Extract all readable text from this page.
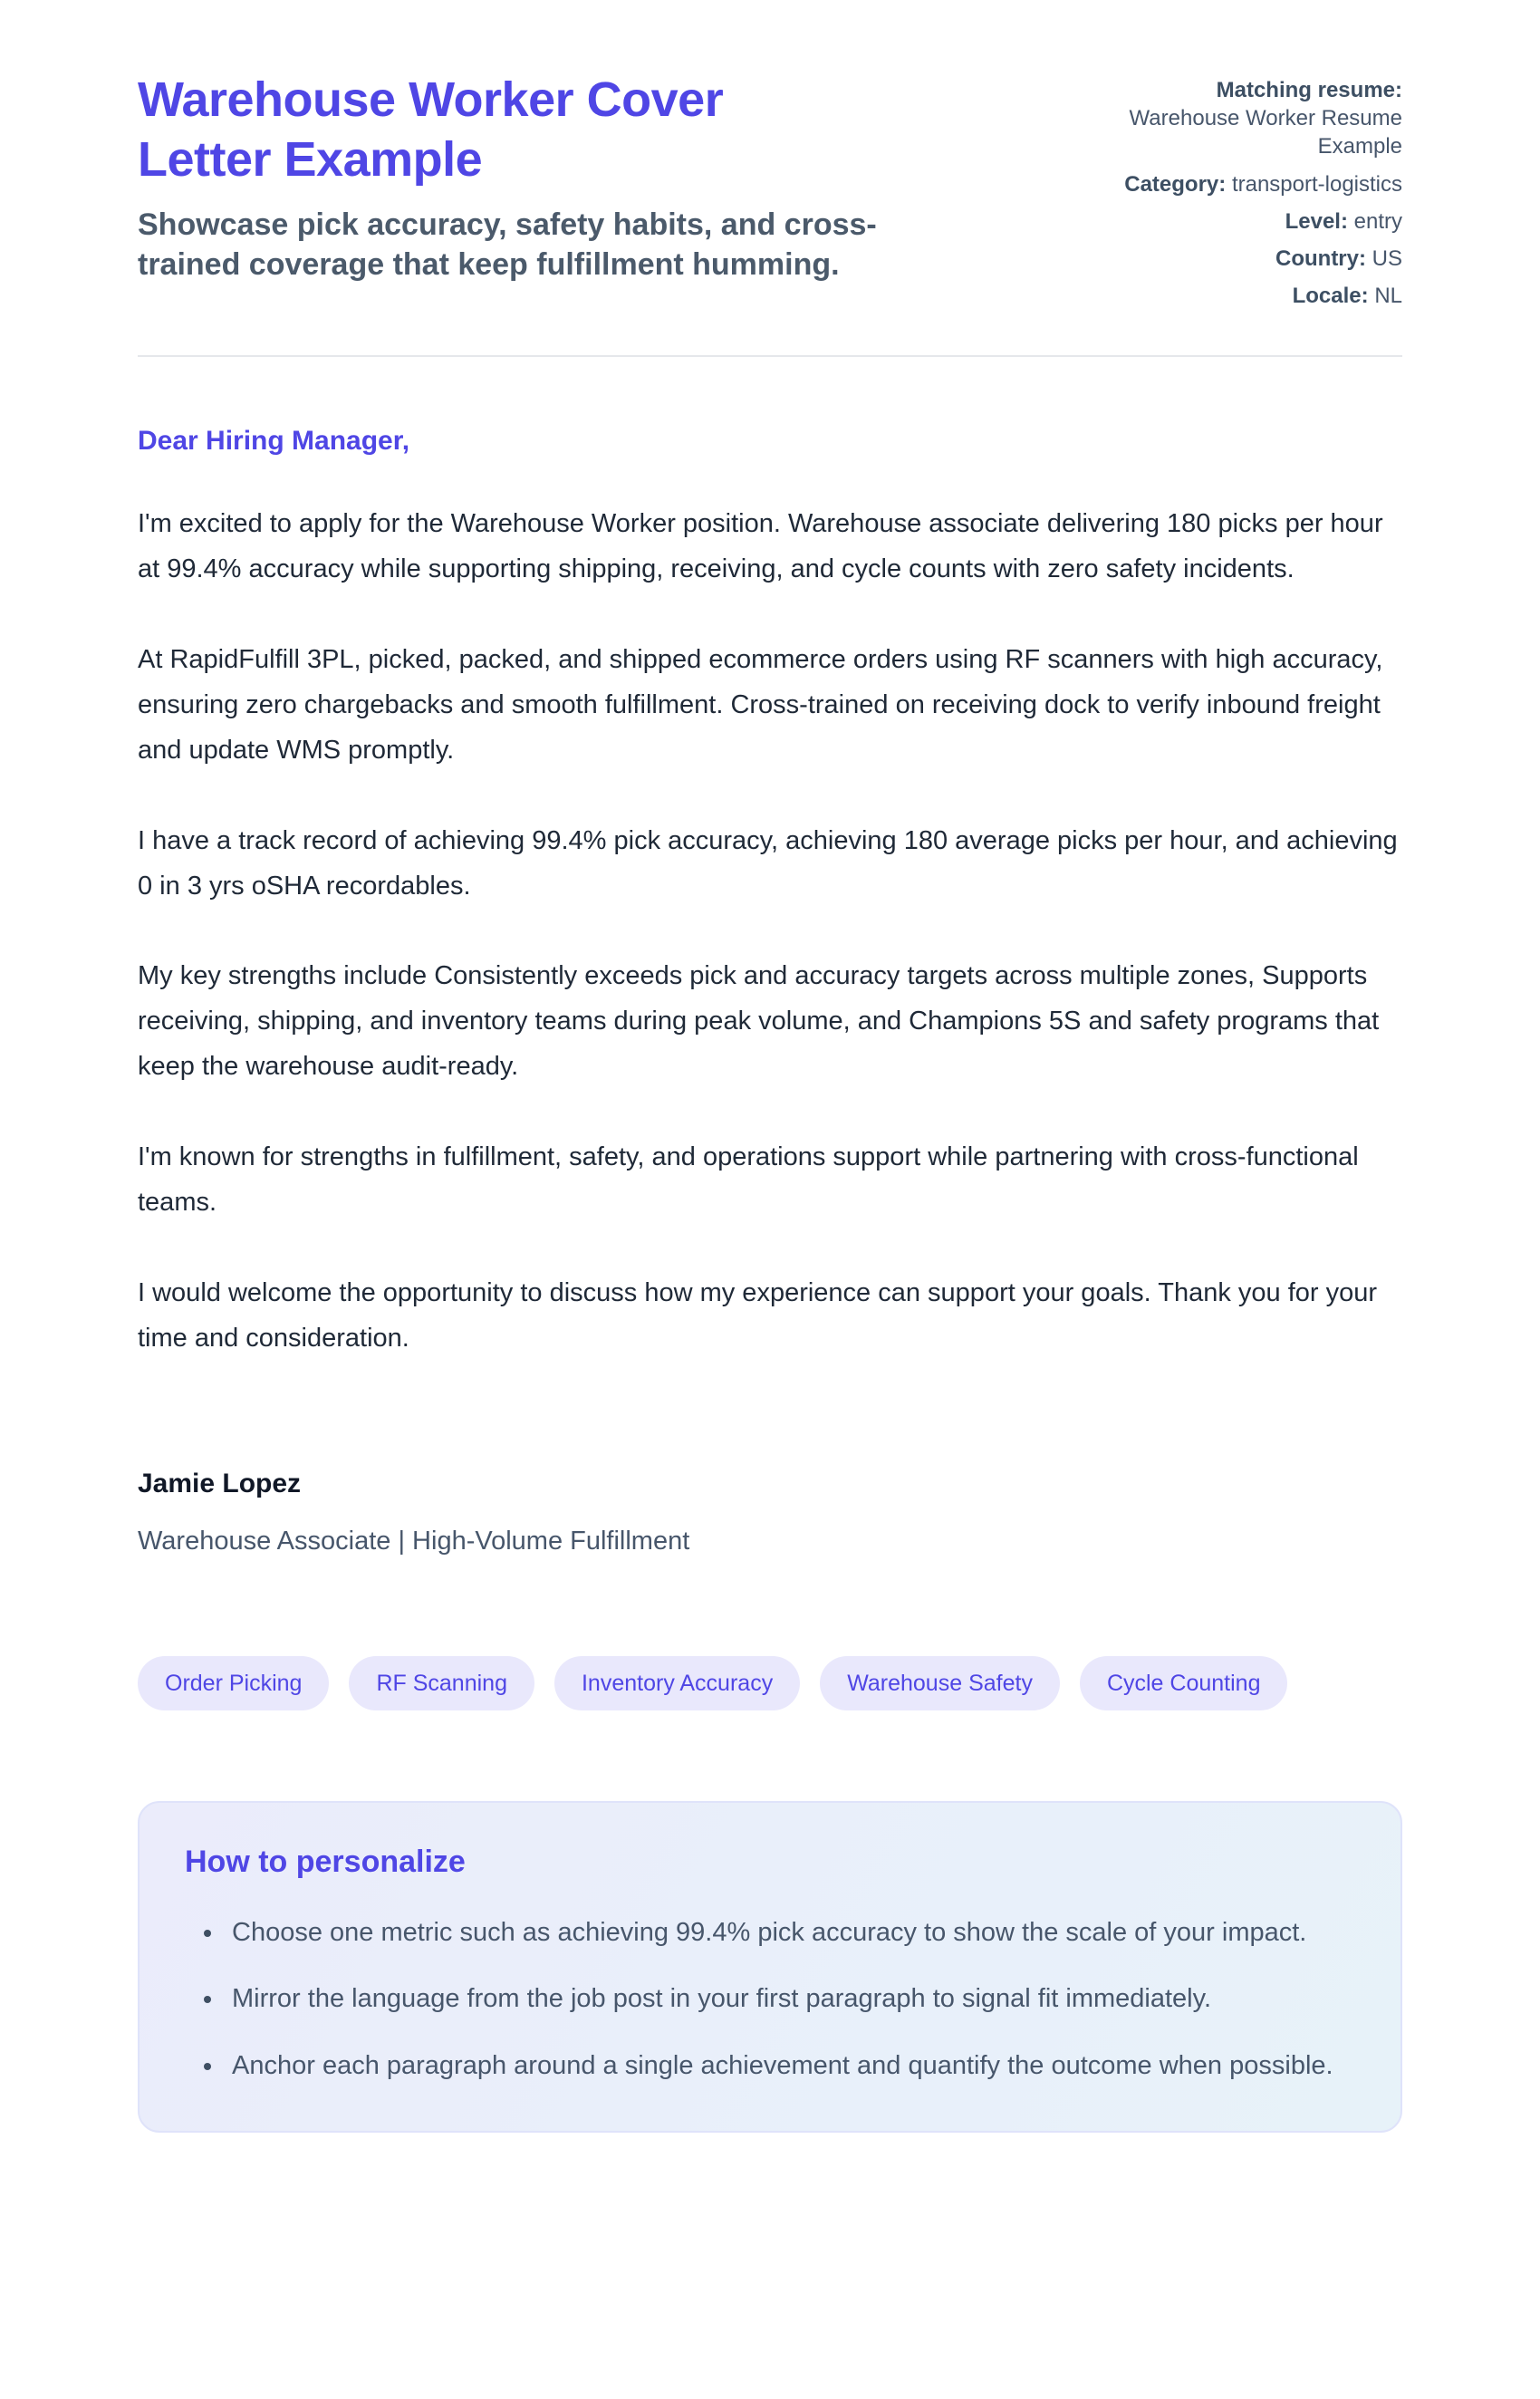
Warehouse Worker Cover Letter Example

Showcase pick accuracy, safety habits, and cross-trained coverage that keep fulfillment humming.

Matching resume:
Warehouse Worker Resume Example
Category: transport-logistics
Level: entry
Country: US
Locale: NL

Dear Hiring Manager,

I'm excited to apply for the Warehouse Worker position. Warehouse associate delivering 180 picks per hour at 99.4% accuracy while supporting shipping, receiving, and cycle counts with zero safety incidents.

At RapidFulfill 3PL, picked, packed, and shipped ecommerce orders using RF scanners with high accuracy, ensuring zero chargebacks and smooth fulfillment. Cross-trained on receiving dock to verify inbound freight and update WMS promptly.

I have a track record of achieving 99.4% pick accuracy, achieving 180 average picks per hour, and achieving 0 in 3 yrs oSHA recordables.

My key strengths include Consistently exceeds pick and accuracy targets across multiple zones, Supports receiving, shipping, and inventory teams during peak volume, and Champions 5S and safety programs that keep the warehouse audit-ready.

I'm known for strengths in fulfillment, safety, and operations support while partnering with cross-functional teams.

I would welcome the opportunity to discuss how my experience can support your goals. Thank you for your time and consideration.

Jamie Lopez

Warehouse Associate | High-Volume Fulfillment

Order Picking	RF Scanning	Inventory Accuracy	Warehouse Safety	Cycle Counting
How to personalize
• Choose one metric such as achieving 99.4% pick accuracy to show the scale of your impact.
• Mirror the language from the job post in your first paragraph to signal fit immediately.
• Anchor each paragraph around a single achievement and quantify the outcome when possible.
